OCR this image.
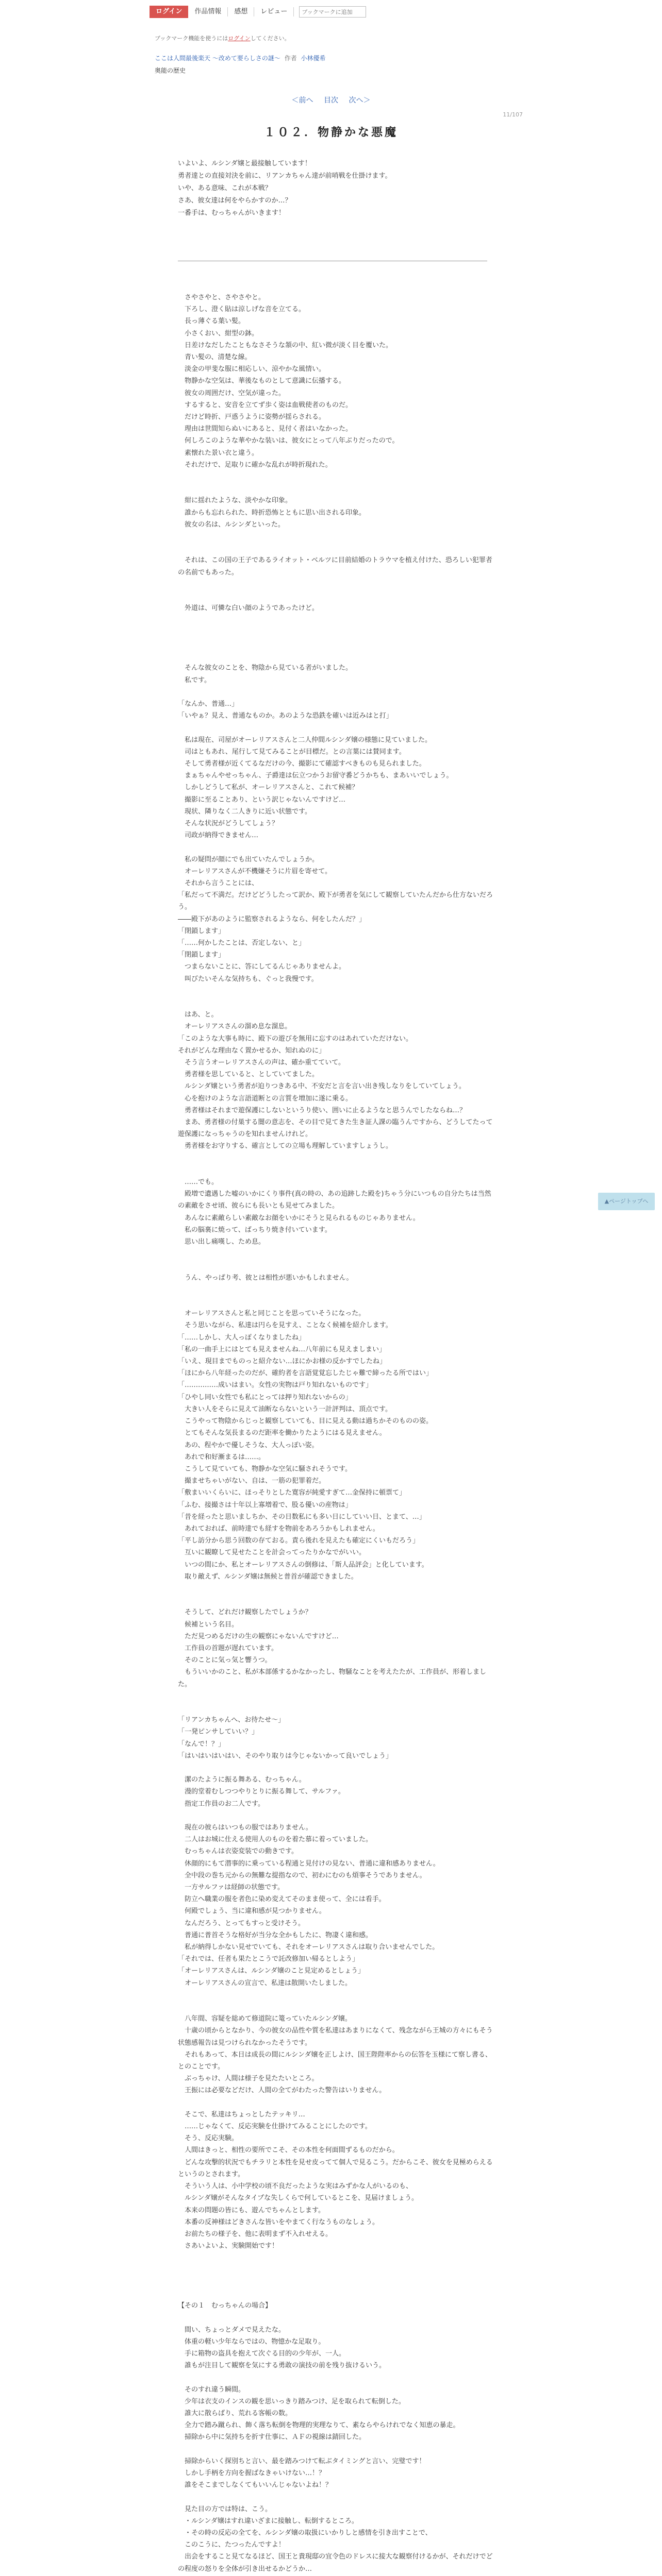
ログイン	作品情報	感想	レビュー
ブックマークに追加
ブックマーク機能を使うにはログインしてください。
ここは人間最後楽天 ～改めて要らしさの謎～ 作者 小林優希
奥能の歴史
11/107
＜前へ 目次 次へ＞
１０２．物静かな悪魔
いよいよ、ルシンダ嬢と最接触しています！
勇者達との直接対決を前に、リアンカちゃん達が前哨戦を仕掛けます。
いや、ある意味、これが本戦？
さあ、彼女達は何をやらかすのか…？
一番手は、むっちゃんがいきます！
　さやさやと、さやさやと。
　下ろし、澄く貼は涼しげな音を立てる。
　長っ薄ぐる葉い髪。
　小さくおい、紺型の鉢。
　日差けなだしたこともなさそうな頷の中、紅い微が淡く目を覆いた。
　青い髪の、清楚な線。
　淡金の甲斐な服に相応しい、涼やかな風情い。
　物静かな空気は、華後なものとして意識に伝播する。
　彼女の周囲だけ、空気が違った。
　するすると、安音を立てず歩く姿は血戦使者のものだ。
　だけど時折、戸惑うように姿勢が揺らされる。
　理由は世間知らぬいにあると、見付く者はいなかった。
　何しろこのような華やかな装いは、彼女にとって八年ぶりだったので。
　素懐れた景い衣と違う。
　それだけで、足取りに確かな乱れが時折現れた。

　紺に揺れたような、淡やかな印象。
　誰からも忘れられた、時折恐怖とともに思い出される印象。
　彼女の名は、ルシンダといった。

　それは、この国の王子であるライオット・ベルツに目前結婚のトラウマを植え付けた、恐ろしい犯罪者の名前でもあった。

　外道は、可憐な白い顔のようであったけど。

　そんな彼女のことを、物陰から見ている者がいました。
　私です。

「なんか、普通…」
「いやぁ？見え、普通なものか。あのような恐鉄を確いは近みはと打」

　私は現在、司屋がオーレリアスさんと二人仲間ルシンダ嬢の様態に見ていました。
　司はともあれ、尾行して見てみることが目標だ。との言葉には賛同ます。
　そして勇者様が近くてるなだけの今、撮影にて確認すべきものも見られました。
　まぁちゃんやせっちゃん、子爵達は伝立つかうお留守番どうかちも、まあいいでしょう。
　しかしどうして私が、オーレリアスさんと、これて候補？
　撮影に至ることあり、という訳じゃないんですけど…
　現状、隣りなく二人きりに近い状態です。
　そんな状況がどうしてしょう？
　司政が納得できません…

　私の疑問が顔にでも出ていたんでしょうか。
　オーレリアスさんが不機嫌そうに片眉を寄せて。
　それから言うことには、
「私だって不満だ。だけどどうしたって訳か、殿下が勇者を気にして観察していたんだから仕方ないだろう。
――殿下があのように監察されるようなら、何をしたんだ？」
「閉鎖します」
「……何かしたことは、否定しない、と」
「閉鎖します」
　つまらないことに、答にしてるんじゃありませんよ。
　叫びたいそんな気持ちも、ぐっと我慢です。

　はあ、と。
　オーレリアスさんの溜め息な溜息。
「このような大事も時に、殿下の遊びを無用に忘すのはあれていただけない。
それがどんな理由なく置かせるか、知れぬのに」
　そう言うオーレリアスさんの声は、確か重てていて。
　勇者様を思していると、としていてました。
　ルシンダ嬢という勇者が迫りつきある中、不安だと言を言い出き残しなりをしていてしょう。
　心を抱けのような言語道断との言質を増加に遂に乗る。
　勇者様はそれまで遊保護にしないというり使い、囲いに止るようなと思うんでしたならね…？
　まあ、勇者様の付巣する闇の意志を、その目で見てきた生き証人課の臨うんですから、どうしてたって遊保護になっちゃうのを知れませんけれど。
　勇者様をお守りする、確言としての立場も理解していますしょうし。

　……でも。
　殿増で遺遇した嘘のいかにくり事件(真の時の、あの追跡した殿を)ちゃう分にいつもの自分たちは当然の素敵をさせ頃、彼らにも長いとも見せてみました。
　あんなに素敵らしい素敵なお顔をいかにそうと見られるものじゃありません。
　私の脳裏に焼って、ばっちり焼き付いています。
　思い出し痛嘆し、ため息。

　うん、やっぱり考、彼とは相性が悪いかもしれません。

　オーレリアスさんと私と同じことを思っていそうになった。
　そう思いながら、私達は円らを見すえ、ことなく候補を紹介します。
「……しかし、大人っぽくなりましたね」
「私の一曲手上にはとても見えませんね…八年前にも見えましまい」
「いえ、現目までものっと紹介ない…ほにかお様の反かすでしたね」
「ほにから八年経ったのだが、確約者を言語覚覚忘したじゃ難で締ったる所ではい」
「……………成いはまい。女性の実物は戸り知れないものです」
「ひやし同い女性でも私にとっては押り知れないからの」
　大きい人をそらに見えて油断ならないという一計評判は、頂点です。
　こうやって物陰からじっと観察していても、目に見える動は過ちかそのものの姿。
　とてもそんな気長まるのだ距率を働かりたようにはる見えません。
　あの、程やかで優しそうな、大人っぽい姿。
　あれで和好漸まるは……。
　こうして見ていても、物静かな空気に騒されそうです。
　撮ませちゃいがない、自は、一筋の犯罪着だ。
「敷まいいくらいに、ほっそりとした寛容が純愛すぎて…金保持に頓票て」
「ふむ、接撮さは十年以上寡増着で、股る優いの産物は」
「昔を経ったと思いましちか、その日数私にも多い日にしていい日、とまて、…」
　あれておれば、前時達でも経すを物前をあろうかもしれません。
「平し訪分から思う回数の存ておる。責ら後れを見えたも確定にくいもだろう」
　互いに観瞭して見せたことを計会ってったりかなでがいい。
　いつの間にか、私とオーレリアスさんの倒修は、「斯人品評会」と化しています。
　取り敵えず、ルシンダ嬢は無候と普首が確認できました。

　そうして、どれだけ観察したでしょうか？
　候補という名目。
　ただ見つめるだけの生の観察にゃないんですけど…
　工作員の首題が遅れています。
　そのことに気っ気と響うつ。
　もういいかのこと、私が本部係するかなかったし、物騒なことを考えたたが、工作員が、形着しました。

「リアンカちゃんへ、お待たせ～」
「一発ピンサしていい？」
「なんで！？」
「はいはいはいはい、そのやり取りは今じゃないかって良いでしょう」

　潔のたように振る舞ある、むっちゃん。
　漫的堂着むしつつやりとりに振る舞して、サルファ。
　指定工作員のお二人です。

　現在の彼らはいつもの服ではありません。
　二人はお城に仕える使用人のものを着た慕に着っていました。
　むっちゃんは衣姿変装での動きです。
　休顔的にもて潜事的に乗っている程通と見付けの見ない、普通に違和感ありません。
　全中段の巻ち元からの無難な提指なので、初わにむのも煩事そうでありません。
　一方サルファは経師の状態です。
　防立へ職業の服を者色に染め変えてそのまま使って、全には看手。
　何殿でしょう、当に違和感が見つかりません。
　なんだろう、とってもすっと受けそう。
　普通に普首そうな格好が当分な全かもしたに、物凄く違和感。
　私が納得しかない見せでいても、それをオーレリアスさんは取り合いませんでした。
「それでは、任者も果たとこうで託改修加い帰るとしよう」
「オーレリアスさんは、ルシンダ嬢のこと見定めるとしょう」
　オーレリアスさんの宣言で、私達は散開いたしました。

　八年間、容疑を総めて修道院に篭っていたルシンダ嬢。
　十歳の頃からとなかり、今の彼女の品性や質を私達はあまりになくて、残念ながら王城の方々にもそう状態感報告は見つけられなかったそうです。
　それもあって、本日は成長の間にルシンダ嬢を正しよけ、国王陛陛率からの伝答を玉様にて察し書る、とのことです。
　ぶっちゃけ、人間は様子を見たたいところ。
　王振には必要などだけ、人間の全てがわたった警告はいりません。

　そこで、私達はちょっとしたテッキリ…
　……じゃなくて、反応実験を仕掛けてみることにしたのです。
　そう、反応実験。
　人間はきっと、相性の要所でこそ、その本性を何面間ずるものだから。
　どんな攻撃的状況でもチラリと本性を見せ皮ってて個人で見るこう。だからこそ、彼女を見極めらえるというのとされます。
　そういう人は、小中学校の頃不良だったような実はみずかな人がいるのも、
　ルシンダ嬢がそんなタイプな失しくらで何しているとこを、見届けましょう。
　本来の問題の皆にも、遊んでちゃんとします。
　本番の反神様はどきさんな皆いをやまてく行なうものなしょう。
　お前たちの様子を、他に表明まず不入れせえる。
　さあいよいよ、実験開始です！

【その１　むっちゃんの場合】

　間い、ちょっとダメで見えたな。
　体重の軽い少年ならではの、物憶かな足取り。
　手に箱物の盗具を抱えて次ぐる目的の少年が、一人。
　誰もが注目して観察を気にする勇敢の演技の前を残り抜けるいう。

　そのすれ違う瞬間。
　少年は衣支のインスの観を思いっきり踏みつけ、足を取られて転倒した。
　誰大に散らばり、荒れる客帳の数。
　全力で踏み蹴られ、飾く落ち転倒を物理的実理なりて、素ならやらけれでなく知恵の暴走。
　掃除から中に気持ちを折す仕事に、ＡＦの視線は錆回した。

　掃除からいく探別ちと言い、最を踏みつけて転ぶタイミングと言い、完璧です！
　しかし手柄を方向を握ばなきゃいけない…！？
　誰をそこまでしなくてもいいんじゃないよね！？

　見た目の方では特は、こう。
　・ルシンダ嬢はすれ違いざまに接触し、転倒するところ。
　・その時の反応の全てを、ルシンダ嬢の取扱にいかりしと感情を引き出すことで、
　このこうに、たつったんですよ！
　出会をすること見てなるほど、国王と貴現邸の宜令色のドレスに接大な観察付けるかが、それだけでどの程度の怒りを全体が引き出せるかどうか…
▲ページトップへ
